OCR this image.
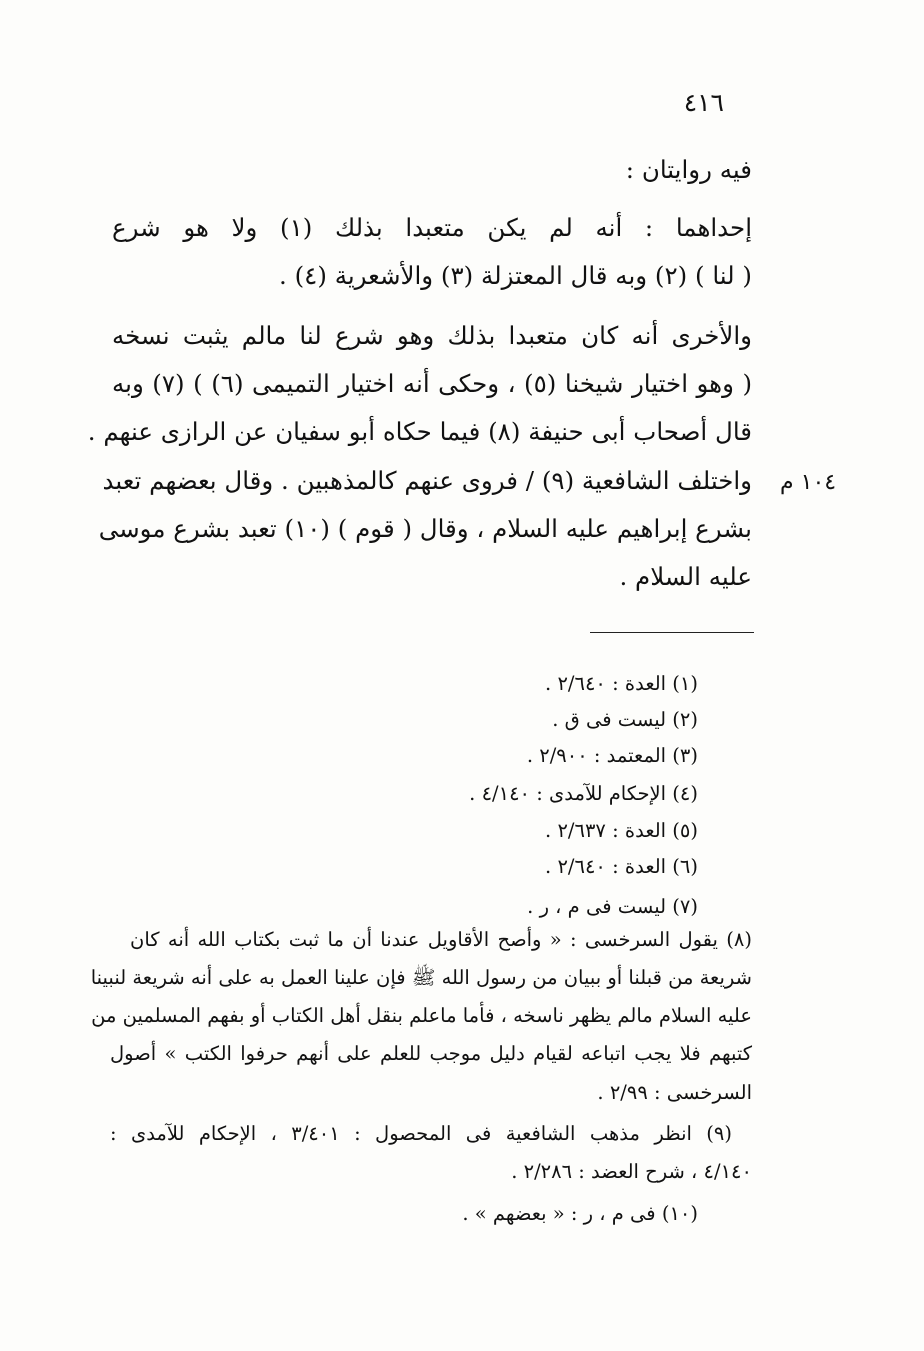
٤١٦
فيه روايتان :
إحداهما : أنه لم يكن متعبدا بذلك (١) ولا هو شرع
( لنا ) (٢) وبه قال المعتزلة (٣) والأشعرية (٤) .
والأخرى أنه كان متعبدا بذلك وهو شرع لنا مالم يثبت نسخه
( وهو اختيار شيخنا (٥) ، وحكى أنه اختيار التميمى (٦) ) (٧) وبه
قال أصحاب أبى حنيفة (٨) فيما حكاه أبو سفيان عن الرازى عنهم .
واختلف الشافعية (٩) / فروى عنهم كالمذهبين . وقال بعضهم تعبد
بشرع إبراهيم عليه السلام ، وقال ( قوم ) (١٠) تعبد بشرع موسى
عليه السلام .
١٠٤ م
(١) العدة : ٢/٦٤٠ .
(٢) ليست فى ق .
(٣) المعتمد : ٢/٩٠٠ .
(٤) الإحكام للآمدى : ٤/١٤٠ .
(٥) العدة : ٢/٦٣٧ .
(٦) العدة : ٢/٦٤٠ .
(٧) ليست فى م ، ر .
(٨) يقول السرخسى : « وأصح الأقاويل عندنا أن ما ثبت بكتاب الله أنه كان
شريعة من قبلنا أو ببيان من رسول الله ﷺ فإن علينا العمل به على أنه شريعة لنبينا
عليه السلام مالم يظهر ناسخه ، فأما ماعلم بنقل أهل الكتاب أو بفهم المسلمين من
كتبهم فلا يجب اتباعه لقيام دليل موجب للعلم على أنهم حرفوا الكتب » أصول
السرخسى : ٢/٩٩ .
(٩) انظر مذهب الشافعية فى المحصول : ٣/٤٠١ ، الإحكام للآمدى :
٤/١٤٠ ، شرح العضد : ٢/٢٨٦ .
(١٠) فى م ، ر : « بعضهم » .
